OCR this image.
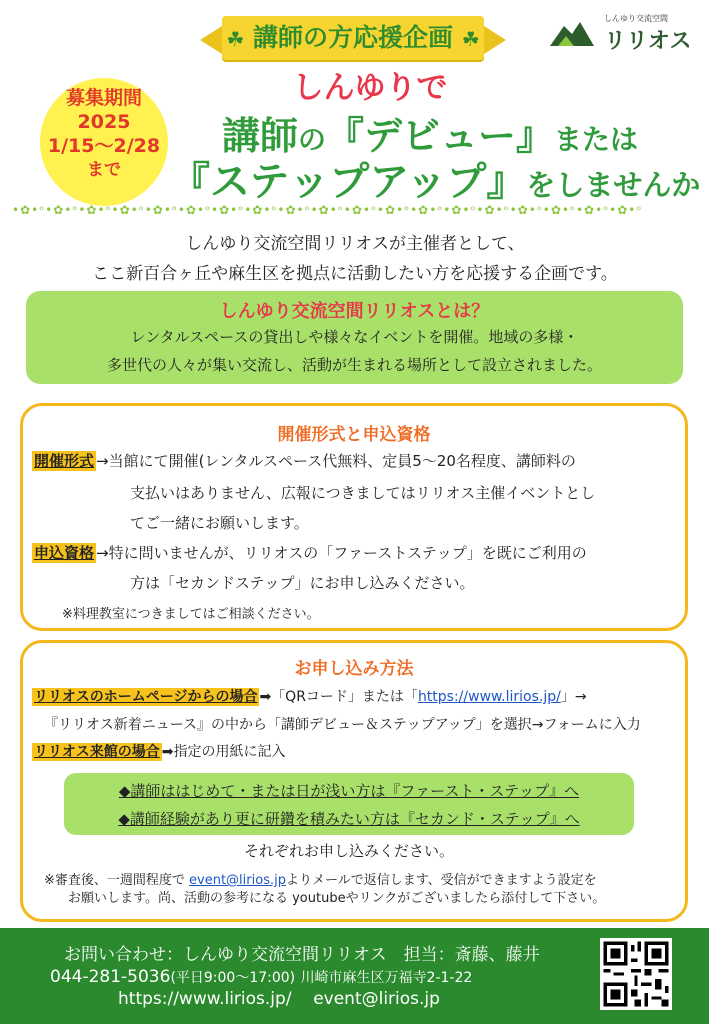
☘ 講師の方応援企画 ☘
しんゆり交流空間
リリオス
募集期間
2025
1/15〜2/28
まで
しんゆりで
講師の『デビュー』または
『ステップアップ』をしませんか
•✿•ᵒ•✿•ᵒ•✿•ᵒ•✿•ᵒ•✿•ᵒ•✿•ᵒ•✿•ᵒ•✿•ᵒ•✿•ᵒ•✿•ᵒ•✿•ᵒ•✿•ᵒ•✿•ᵒ•✿•ᵒ•✿•ᵒ•✿•ᵒ•✿•ᵒ•✿•ᵒ•✿•ᵒ
しんゆり交流空間リリオスが主催者として、
ここ新百合ヶ丘や麻生区を拠点に活動したい方を応援する企画です。
しんゆり交流空間リリオスとは？
レンタルスペースの貸出しや様々なイベントを開催。地域の多様・
多世代の人々が集い交流し、活動が生まれる場所として設立されました。
開催形式と申込資格
開催形式 →当館にて開催(レンタルスペース代無料、定員5〜20名程度、講師料の
支払いはありません、広報につきましてはリリオス主催イベントとし
てご一緒にお願いします。
申込資格 →特に問いませんが、リリオスの「ファーストステップ」を既にご利用の
方は「セカンドステップ」にお申し込みください。
※料理教室につきましてはご相談ください。
お申し込み方法
リリオスのホームページからの場合 ➡「QRコード」または「https://www.lirios.jp/」→
『リリオス新着ニュース』の中から「講師デビュー＆ステップアップ」を選択→フォームに入力
リリオス来館の場合 ➡指定の用紙に記入
◆講師ははじめて・または日が浅い方は『ファースト・ステップ』へ
◆講師経験があり更に研鑽を積みたい方は『セカンド・ステップ』へ
それぞれお申し込みください。
※審査後、一週間程度で event@lirios.jpよりメールで返信します、受信ができますよう設定を
お願いします。尚、活動の参考になる youtubeやリンクがございましたら添付して下さい。
お問い合わせ：しんゆり交流空間リリオス　担当：斎藤、藤井
044-281-5036(平日9:00〜17:00) 川崎市麻生区万福寺2-1-22
https://www.lirios.jp/ event@lirios.jp
